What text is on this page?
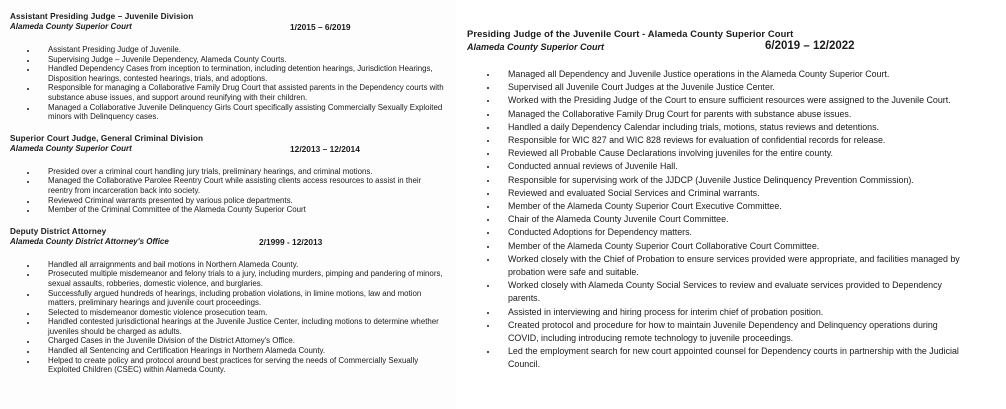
Assistant Presiding Judge – Juvenile Division
Alameda County Superior Court	1/2015 – 6/2019
• Assistant Presiding Judge of Juvenile.
• Supervising Judge – Juvenile Dependency, Alameda County Courts.
• Handled Dependency Cases from inception to termination, including detention hearings, Jurisdiction Hearings, Disposition hearings, contested hearings, trials, and adoptions.
• Responsible for managing a Collaborative Family Drug Court that assisted parents in the Dependency courts with substance abuse issues, and support around reunifying with their children.
• Managed a Collaborative Juvenile Delinquency Girls Court specifically assisting Commercially Sexually Exploited minors with Delinquency cases.
Superior Court Judge, General Criminal Division
Alameda County Superior Court	12/2013 – 12/2014
• Presided over a criminal court handling jury trials, preliminary hearings, and criminal motions.
• Managed the Collaborative Parolee Reentry Court while assisting clients access resources to assist in their reentry from incarceration back into society.
• Reviewed Criminal warrants presented by various police departments.
• Member of the Criminal Committee of the Alameda County Superior Court
Deputy District Attorney
Alameda County District Attorney's Office	2/1999 - 12/2013
• Handled all arraignments and bail motions in Northern Alameda County.
• Prosecuted multiple misdemeanor and felony trials to a jury, including murders, pimping and pandering of minors, sexual assaults, robberies, domestic violence, and burglaries.
• Successfully argued hundreds of hearings, including probation violations, in limine motions, law and motion matters, preliminary hearings and juvenile court proceedings.
• Selected to misdemeanor domestic violence prosecution team.
• Handled contested jurisdictional hearings at the Juvenile Justice Center, including motions to determine whether juveniles should be charged as adults.
• Charged Cases in the Juvenile Division of the District Attorney's Office.
• Handled all Sentencing and Certification Hearings in Northern Alameda County.
• Helped to create policy and protocol around best practices for serving the needs of Commercially Sexually Exploited Children (CSEC) within Alameda County.
Presiding Judge of the Juvenile Court - Alameda County Superior Court
Alameda County Superior Court	6/2019 – 12/2022
• Managed all Dependency and Juvenile Justice operations in the Alameda County Superior Court.
• Supervised all Juvenile Court Judges at the Juvenile Justice Center.
• Worked with the Presiding Judge of the Court to ensure sufficient resources were assigned to the Juvenile Court.
• Managed the Collaborative Family Drug Court for parents with substance abuse issues.
• Handled a daily Dependency Calendar including trials, motions, status reviews and detentions.
• Responsible for WIC 827 and WIC 828 reviews for evaluation of confidential records for release.
• Reviewed all Probable Cause Declarations involving juveniles for the entire county.
• Conducted annual reviews of Juvenile Hall.
• Responsible for supervising work of the JJDCP (Juvenile Justice Delinquency Prevention Commission).
• Reviewed and evaluated Social Services and Criminal warrants.
• Member of the Alameda County Superior Court Executive Committee.
• Chair of the Alameda County Juvenile Court Committee.
• Conducted Adoptions for Dependency matters.
• Member of the Alameda County Superior Court Collaborative Court Committee.
• Worked closely with the Chief of Probation to ensure services provided were appropriate, and facilities managed by probation were safe and suitable.
• Worked closely with Alameda County Social Services to review and evaluate services provided to Dependency parents.
• Assisted in interviewing and hiring process for interim chief of probation position.
• Created protocol and procedure for how to maintain Juvenile Dependency and Delinquency operations during COVID, including introducing remote technology to juvenile proceedings.
• Led the employment search for new court appointed counsel for Dependency courts in partnership with the Judicial Council.
